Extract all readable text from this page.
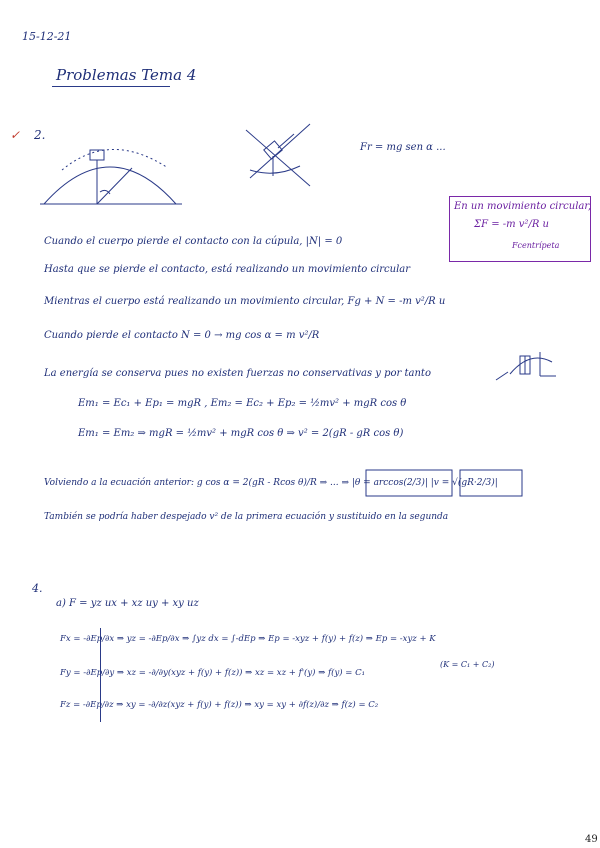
15-12-21
Problemas Tema 4
✓ 2.
Fr = mg sen α ...
En un movimiento circular,
ΣF = -m v²/R u
Fcentrípeta
Cuando el cuerpo pierde el contacto con la cúpula, |N| = 0
Hasta que se pierde el contacto, está realizando un movimiento circular
Mientras el cuerpo está realizando un movimiento circular, Fg + N = -m v²/R u
Cuando pierde el contacto N = 0 → mg cos α = m v²/R
La energía se conserva pues no existen fuerzas no conservativas y por tanto
Em₁ = Ec₁ + Ep₁ = mgR , Em₂ = Ec₂ + Ep₂ = ½mv² + mgR cos θ
Em₁ = Em₂ ⇒ mgR = ½mv² + mgR cos θ ⇒ v² = 2(gR - gR cos θ)
Volviendo a la ecuación anterior: g cos α = 2(gR - Rcos θ)/R ⇒ ... ⇒ |θ = arccos(2/3)| |v = √(gR·2/3)|
También se podría haber despejado v² de la primera ecuación y sustituido en la segunda
4.
a) F = yz ux + xz uy + xy uz
Fx = -∂Ep/∂x ⇒ yz = -∂Ep/∂x ⇒ ∫yz dx = ∫-dEp ⇒ Ep = -xyz + f(y) + f(z) ⇒ Ep = -xyz + K
(K = C₁ + C₂)
Fy = -∂Ep/∂y ⇒ xz = -∂/∂y(xyz + f(y) + f(z)) ⇒ xz = xz + f'(y) ⇒ f(y) = C₁
Fz = -∂Ep/∂z ⇒ xy = -∂/∂z(xyz + f(y) + f(z)) ⇒ xy = xy + ∂f(z)/∂z ⇒ f(z) = C₂
49
